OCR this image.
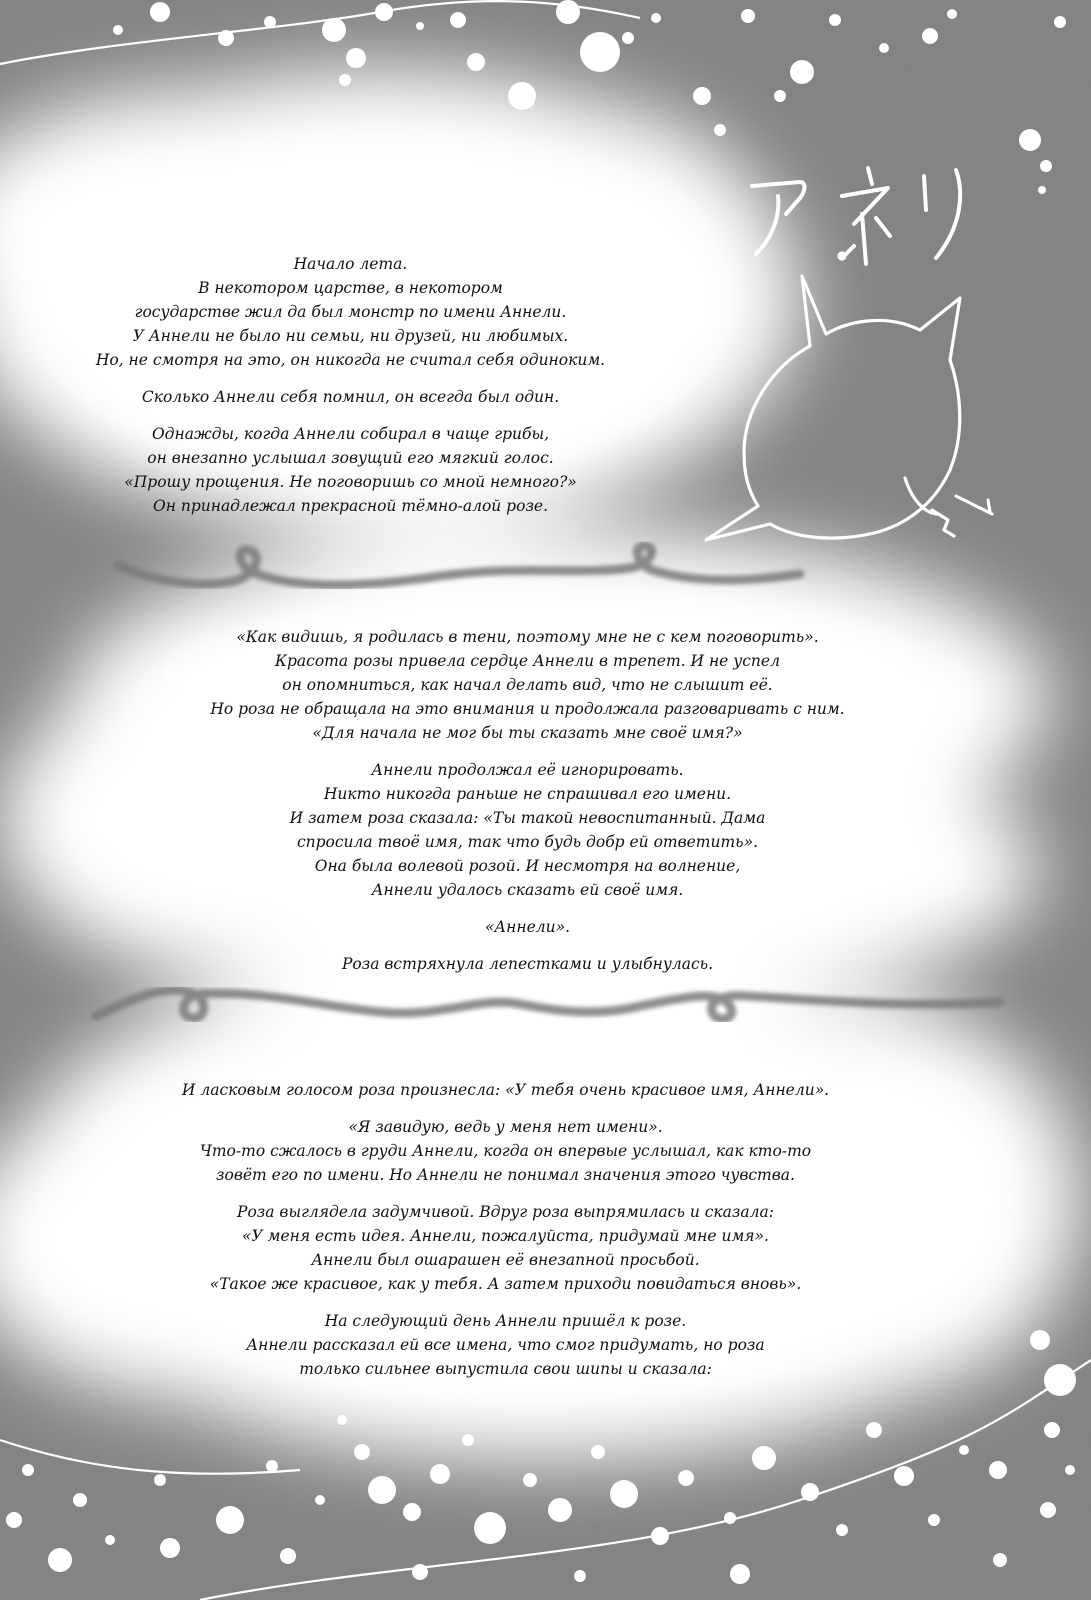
Начало лета.
В некотором царстве, в некотором
государстве жил да был монстр по имени Аннели.
У Аннели не было ни семьи, ни друзей, ни любимых.
Но, не смотря на это, он никогда не считал себя одиноким.
Сколько Аннели себя помнил, он всегда был один.
Однажды, когда Аннели собирал в чаще грибы,
он внезапно услышал зовущий его мягкий голос.
«Прошу прощения. Не поговоришь со мной немного?»
Он принадлежал прекрасной тёмно-алой розе.
«Как видишь, я родилась в тени, поэтому мне не с кем поговорить».
Красота розы привела сердце Аннели в трепет. И не успел
он опомниться, как начал делать вид, что не слышит её.
Но роза не обращала на это внимания и продолжала разговаривать с ним.
«Для начала не мог бы ты сказать мне своё имя?»
Аннели продолжал её игнорировать.
Никто никогда раньше не спрашивал его имени.
И затем роза сказала: «Ты такой невоспитанный. Дама
спросила твоё имя, так что будь добр ей ответить».
Она была волевой розой. И несмотря на волнение,
Аннели удалось сказать ей своё имя.
«Аннели».
Роза встряхнула лепестками и улыбнулась.
И ласковым голосом роза произнесла: «У тебя очень красивое имя, Аннели».
«Я завидую, ведь у меня нет имени».
Что-то сжалось в груди Аннели, когда он впервые услышал, как кто-то
зовёт его по имени. Но Аннели не понимал значения этого чувства.
Роза выглядела задумчивой. Вдруг роза выпрямилась и сказала:
«У меня есть идея. Аннели, пожалуйста, придумай мне имя».
Аннели был ошарашен её внезапной просьбой.
«Такое же красивое, как у тебя. А затем приходи повидаться вновь».
На следующий день Аннели пришёл к розе.
Аннели рассказал ей все имена, что смог придумать, но роза
только сильнее выпустила свои шипы и сказала:
